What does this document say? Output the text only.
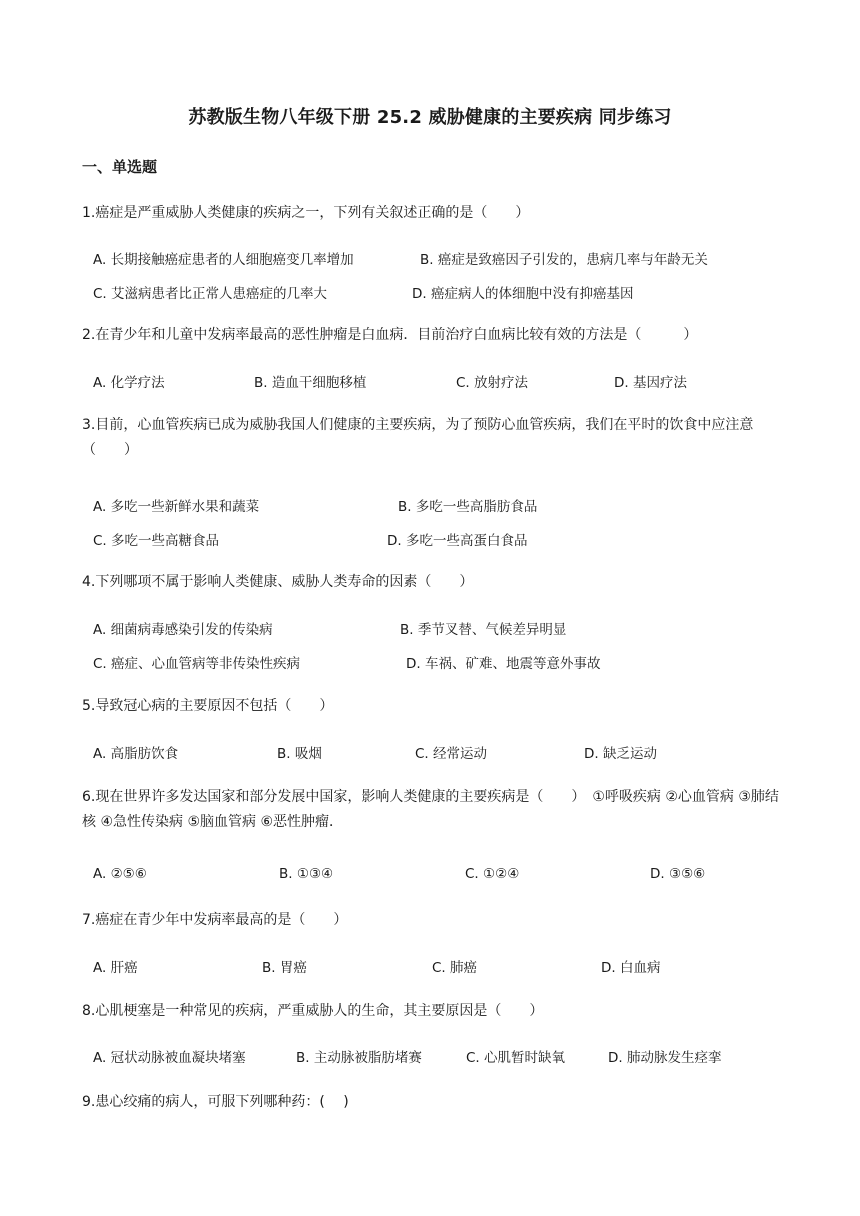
苏教版生物八年级下册 25.2 威胁健康的主要疾病 同步练习
一、单选题
1.癌症是严重威胁人类健康的疾病之一，下列有关叙述正确的是（　　）
A. 长期接触癌症患者的人细胞癌变几率增加	B. 癌症是致癌因子引发的，患病几率与年龄无关
C. 艾滋病患者比正常人患癌症的几率大	D. 癌症病人的体细胞中没有抑癌基因
2.在青少年和儿童中发病率最高的恶性肿瘤是白血病．目前治疗白血病比较有效的方法是（　　　）
A. 化学疗法	B. 造血干细胞移植	C. 放射疗法	D. 基因疗法
3.目前，心血管疾病已成为威胁我国人们健康的主要疾病，为了预防心血管疾病，我们在平时的饮食中应注意（　　）
A. 多吃一些新鲜水果和蔬菜	B. 多吃一些高脂肪食品
C. 多吃一些高糖食品	D. 多吃一些高蛋白食品
4.下列哪项不属于影响人类健康、威胁人类寿命的因素（　　）
A. 细菌病毒感染引发的传染病	B. 季节叉替、气候差异明显
C. 癌症、心血管病等非传染性疾病	D. 车祸、矿难、地震等意外事故
5.导致冠心病的主要原因不包括（　　）
A. 高脂肪饮食	B. 吸烟	C. 经常运动	D. 缺乏运动
6.现在世界许多发达国家和部分发展中国家，影响人类健康的主要疾病是（　　）　①呼吸疾病 ②心血管病 ③肺结核 ④急性传染病 ⑤脑血管病 ⑥恶性肿瘤．
A. ②⑤⑥	B. ①③④	C. ①②④	D. ③⑤⑥
7.癌症在青少年中发病率最高的是（　　）
A. 肝癌	B. 胃癌	C. 肺癌	D. 白血病
8.心肌梗塞是一种常见的疾病，严重威胁人的生命，其主要原因是（　　）
A. 冠状动脉被血凝块堵塞	B. 主动脉被脂肪堵赛	C. 心肌暂时缺氧	D. 肺动脉发生痉挛
9.患心绞痛的病人，可服下列哪种药：(　 )
